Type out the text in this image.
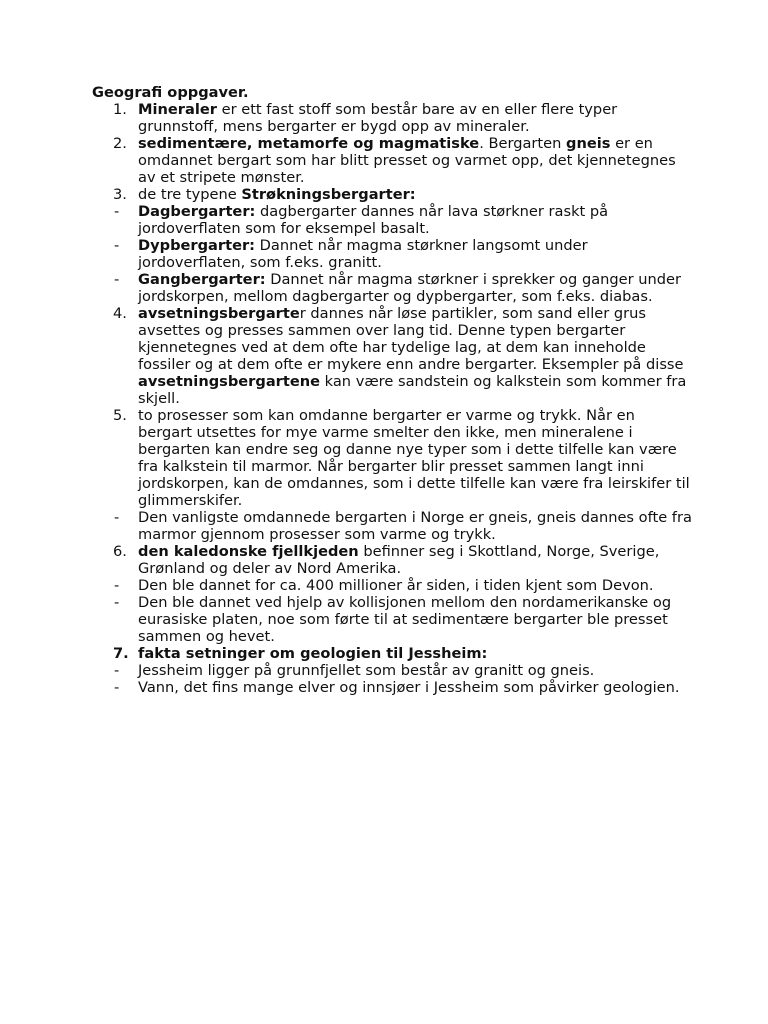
Geografi oppgaver.

1. Mineraler er ett fast stoff som består bare av en eller flere typer grunnstoff, mens bergarter er bygd opp av mineraler.

2. sedimentære, metamorfe og magmatiske. Bergarten gneis er en omdannet bergart som har blitt presset og varmet opp, det kjennetegnes av et stripete mønster.

3. de tre typene Strøkningsbergarter:

-	Dagbergarter: dagbergarter dannes når lava størkner raskt på jordoverflaten som for eksempel basalt.

-	Dypbergarter: Dannet når magma størkner langsomt under jordoverflaten, som f.eks. granitt.

-	Gangbergarter: Dannet når magma størkner i sprekker og ganger under jordskorpen, mellom dagbergarter og dypbergarter, som f.eks. diabas.

4. avsetningsbergarter dannes når løse partikler, som sand eller grus avsettes og presses sammen over lang tid. Denne typen bergarter kjennetegnes ved at dem ofte har tydelige lag, at dem kan inneholde fossiler og at dem ofte er mykere enn andre bergarter. Eksempler på disse avsetningsbergartene kan være sandstein og kalkstein som kommer fra skjell.

5. to prosesser som kan omdanne bergarter er varme og trykk. Når en bergart utsettes for mye varme smelter den ikke, men mineralene i bergarten kan endre seg og danne nye typer som i dette tilfelle kan være fra kalkstein til marmor. Når bergarter blir presset sammen langt inni jordskorpen, kan de omdannes, som i dette tilfelle kan være fra leirskifer til glimmerskifer.

-	Den vanligste omdannede bergarten i Norge er gneis, gneis dannes ofte fra marmor gjennom prosesser som varme og trykk.

6. den kaledonske fjellkjeden befinner seg i Skottland, Norge, Sverige, Grønland og deler av Nord Amerika.

-	Den ble dannet for ca. 400 millioner år siden, i tiden kjent som Devon.

-	Den ble dannet ved hjelp av kollisjonen mellom den nordamerikanske og eurasiske platen, noe som førte til at sedimentære bergarter ble presset sammen og hevet.

7. fakta setninger om geologien til Jessheim:

-	Jessheim ligger på grunnfjellet som består av granitt og gneis.

-	Vann, det fins mange elver og innsjøer i Jessheim som påvirker geologien.
